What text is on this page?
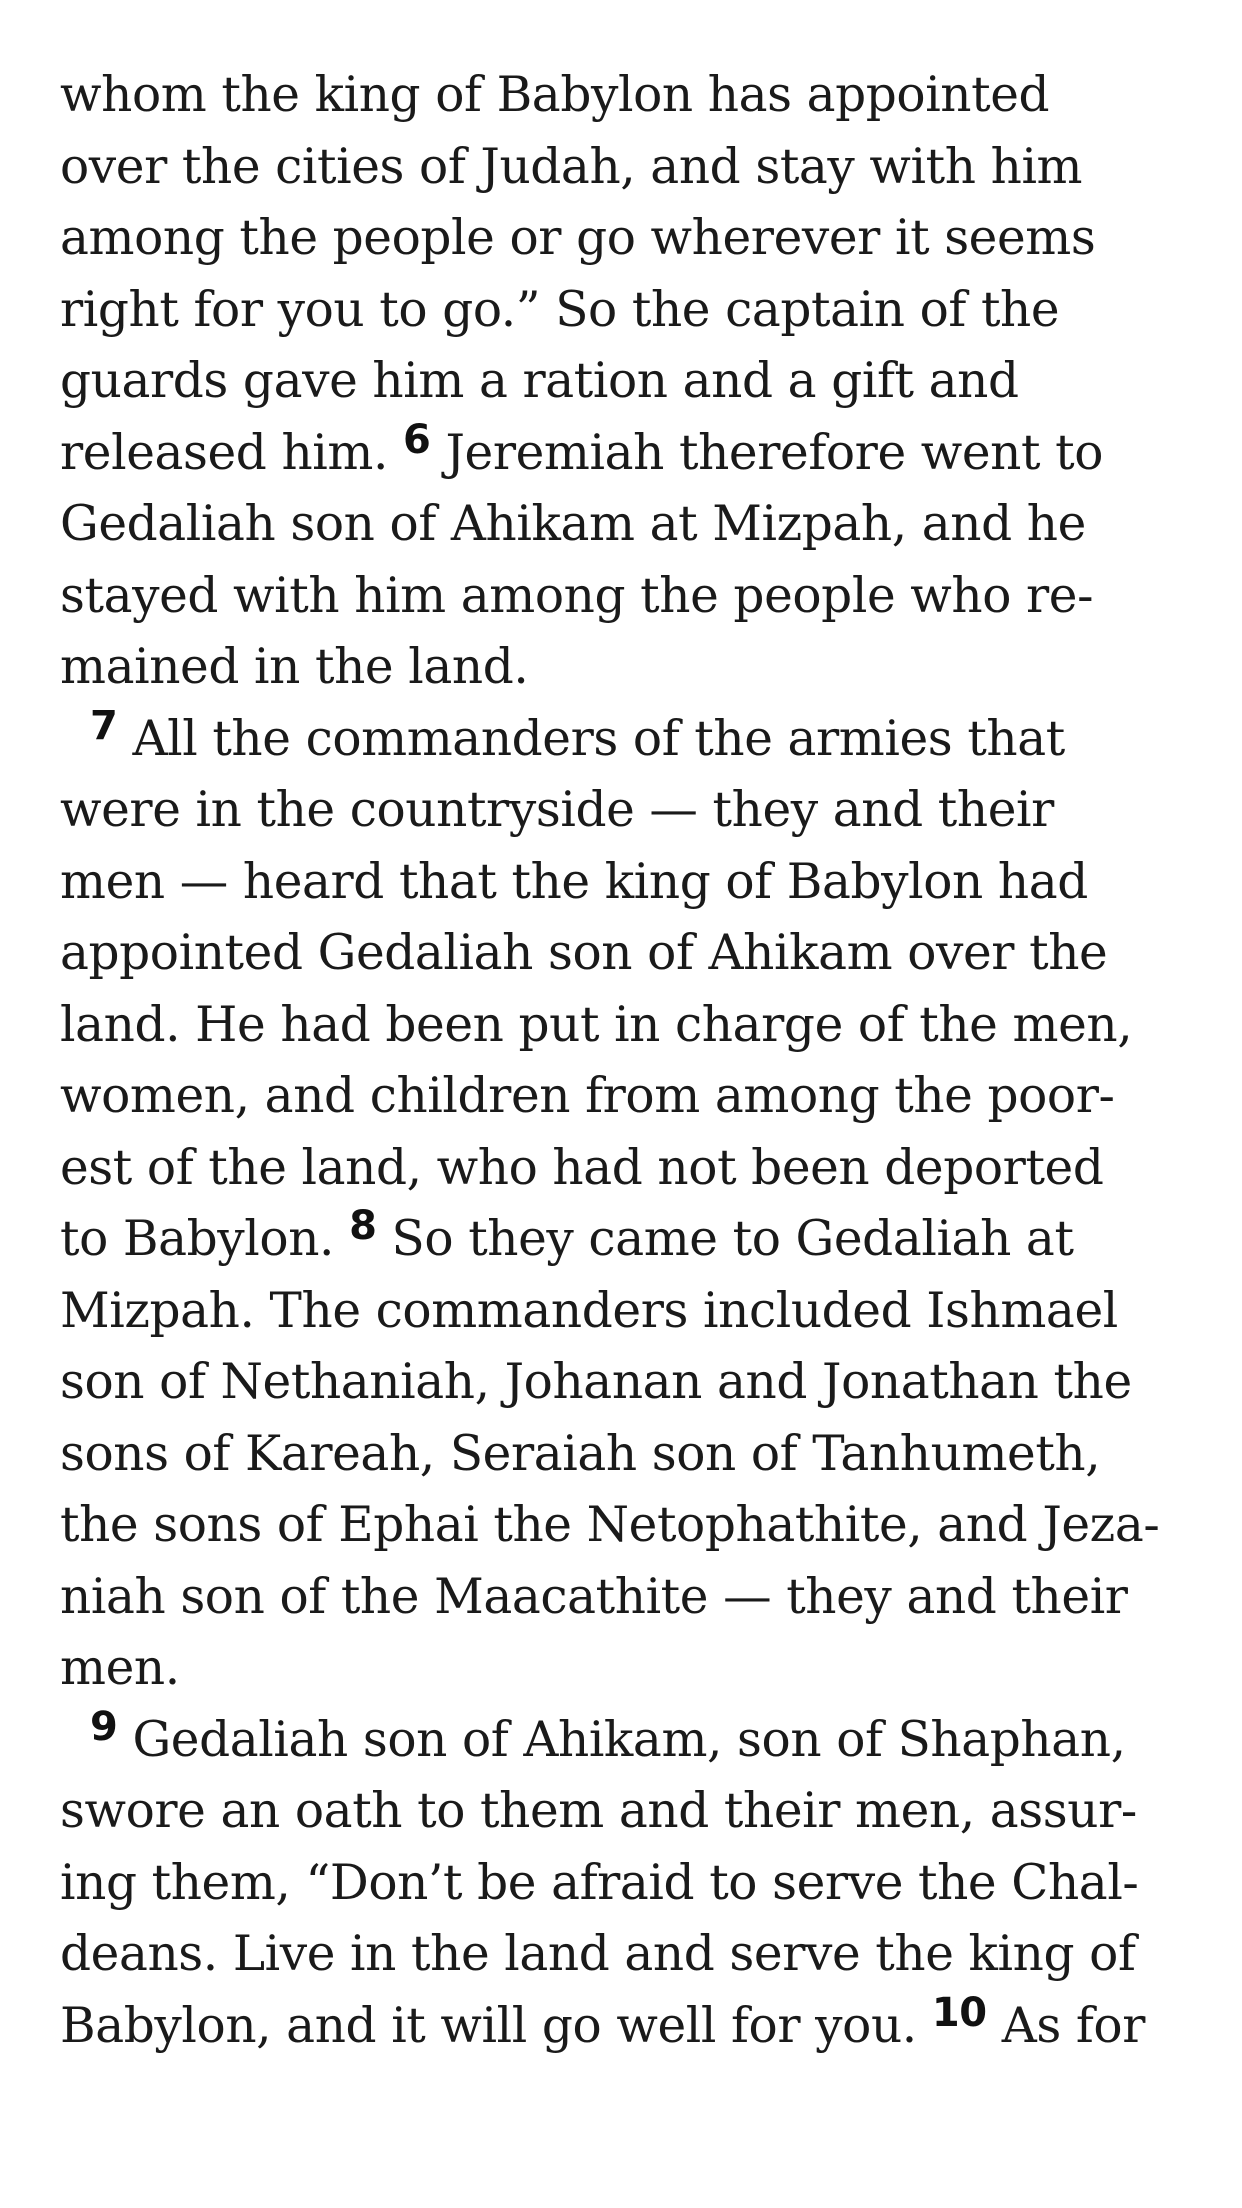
whom the king of Babylon has appointed
over the cities of Judah, and stay with him
among the people or go wherever it seems
right for you to go.” So the captain of the
guards gave him a ration and a gift and
released him. $^6$ Jeremiah therefore went to
Gedaliah son of Ahikam at Mizpah, and he
stayed with him among the people who re-
mained in the land.
$^7$ All the commanders of the armies that
were in the countryside — they and their
men — heard that the king of Babylon had
appointed Gedaliah son of Ahikam over the
land. He had been put in charge of the men,
women, and children from among the poor-
est of the land, who had not been deported
to Babylon. $^8$ So they came to Gedaliah at
Mizpah. The commanders included Ishmael
son of Nethaniah, Johanan and Jonathan the
sons of Kareah, Seraiah son of Tanhumeth,
the sons of Ephai the Netophathite, and Jeza-
niah son of the Maacathite — they and their
men.
$^9$ Gedaliah son of Ahikam, son of Shaphan,
swore an oath to them and their men, assur-
ing them, “Don’t be afraid to serve the Chal-
deans. Live in the land and serve the king of
Babylon, and it will go well for you. $^{10}$ As for
